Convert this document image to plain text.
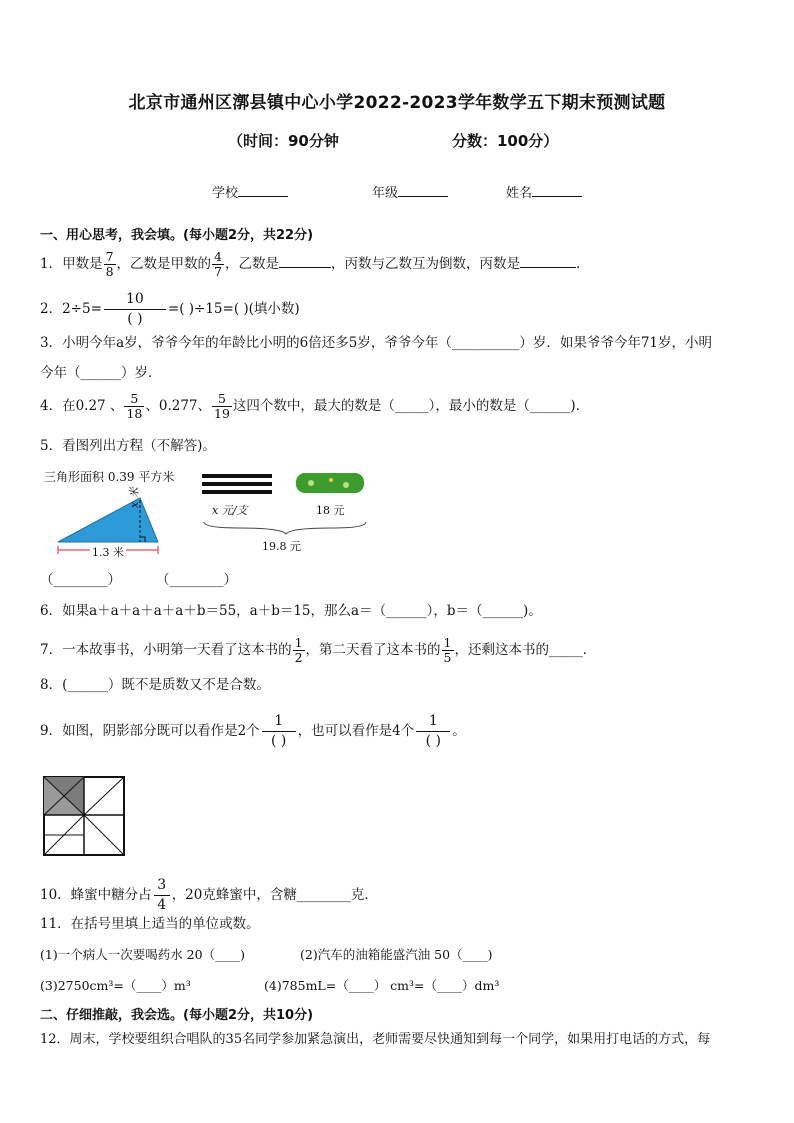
北京市通州区漷县镇中心小学2022-2023学年数学五下期末预测试题
（时间：90分钟	分数：100分）
学校	年级	姓名
一、用心思考，我会填。(每小题2分，共22分)
1．甲数是 $\frac{7}{8}$ ，乙数是甲数的 $\frac{4}{7}$ ，乙数是	，丙数与乙数互为倒数，丙数是	.
2．2÷5=
10
( )
=( )÷15=( )(填小数)
3．小明今年a岁，爷爷今年的年龄比小明的6倍还多5岁，爷爷今年（__________）岁．如果爷爷今年71岁，小明
今年（______）岁．
4．在0.27 、 $\frac{5}{18}$ 、0.277、 $\frac{5}{19}$ 这四个数中，最大的数是（_____），最小的数是（______)．
5．看图列出方程（不解答)。
三角形面积 0.39 平方米
x 米
1.3 米
x 元/支	18 元
19.8 元
（________）	（________）
6．如果a＋a＋a＋a＋a＋b＝55，a＋b＝15，那么a＝（______），b＝（______)。
7．一本故事书，小明第一天看了这本书的 $\frac{1}{2}$ ，第二天看了这本书的 $\frac{1}{5}$ ，还剩这本书的_____．
8．(______）既不是质数又不是合数。
9．如图，阴影部分既可以看作是2个
1
( )
，也可以看作是4个
1
( )
。
10．蜂蜜中糖分占 $\frac{3}{4}$ ，20克蜂蜜中，含糖________克．
11．在括号里填上适当的单位或数。
(1)一个病人一次要喝药水 20（____)	(2)汽车的油箱能盛汽油 50（____)
(3)2750cm³=（____）m³	(4)785mL=（____） cm³=（____）dm³
二、仔细推敲，我会选。(每小题2分，共10分)
12．周末，学校要组织合唱队的35名同学参加紧急演出，老师需要尽快通知到每一个同学，如果用打电话的方式，每
